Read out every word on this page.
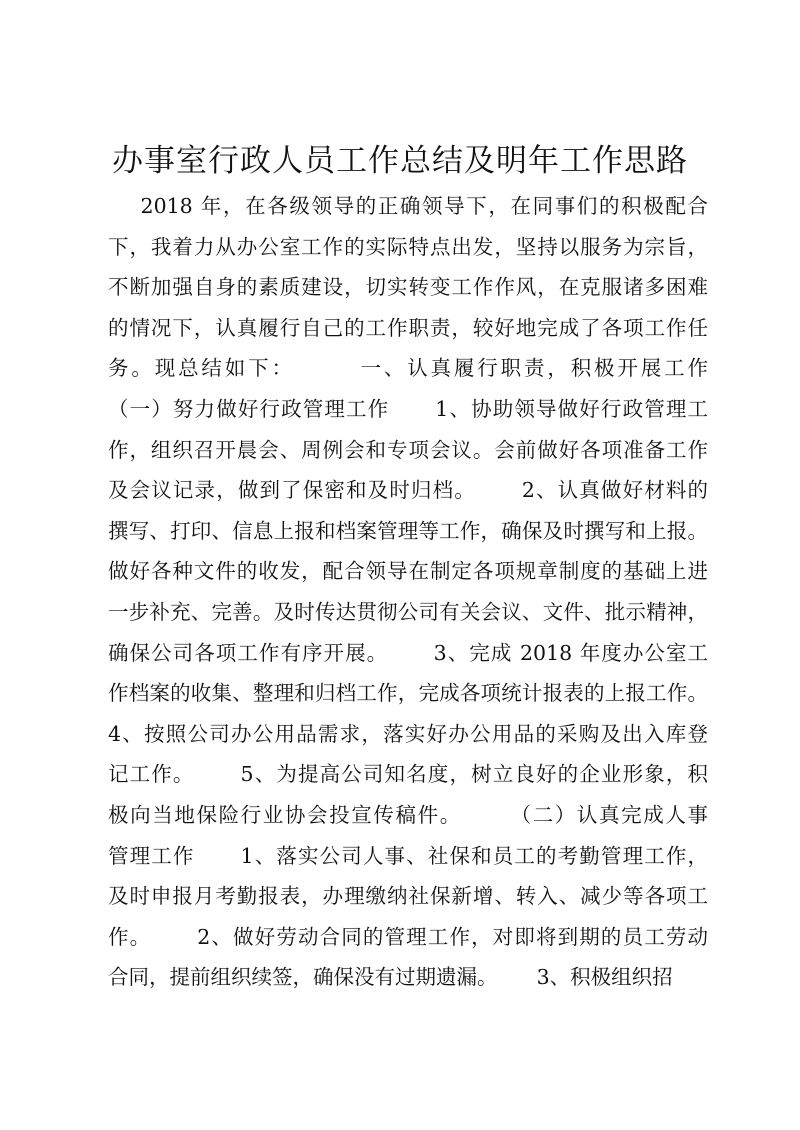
办事室行政人员工作总结及明年工作思路
2018 年，在各级领导的正确领导下，在同事们的积极配合
下，我着力从办公室工作的实际特点出发，坚持以服务为宗旨，
不断加强自身的素质建设，切实转变工作作风，在克服诸多困难
的情况下，认真履行自己的工作职责，较好地完成了各项工作任
务。现总结如下：       一、认真履行职责，积极开展工作
（一）努力做好行政管理工作      1、协助领导做好行政管理工
作，组织召开晨会、周例会和专项会议。会前做好各项准备工作
及会议记录，做到了保密和及时归档。      2、认真做好材料的
撰写、打印、信息上报和档案管理等工作，确保及时撰写和上报。
做好各种文件的收发，配合领导在制定各项规章制度的基础上进
一步补充、完善。及时传达贯彻公司有关会议、文件、批示精神，
确保公司各项工作有序开展。      3、完成 2018 年度办公室工
作档案的收集、整理和归档工作，完成各项统计报表的上报工作。
4、按照公司办公用品需求，落实好办公用品的采购及出入库登
记工作。      5、为提高公司知名度，树立良好的企业形象，积
极向当地保险行业协会投宣传稿件。      （二）认真完成人事
管理工作      1、落实公司人事、社保和员工的考勤管理工作，
及时申报月考勤报表，办理缴纳社保新增、转入、减少等各项工
作。      2、做好劳动合同的管理工作，对即将到期的员工劳动
合同，提前组织续签，确保没有过期遗漏。      3、积极组织招
